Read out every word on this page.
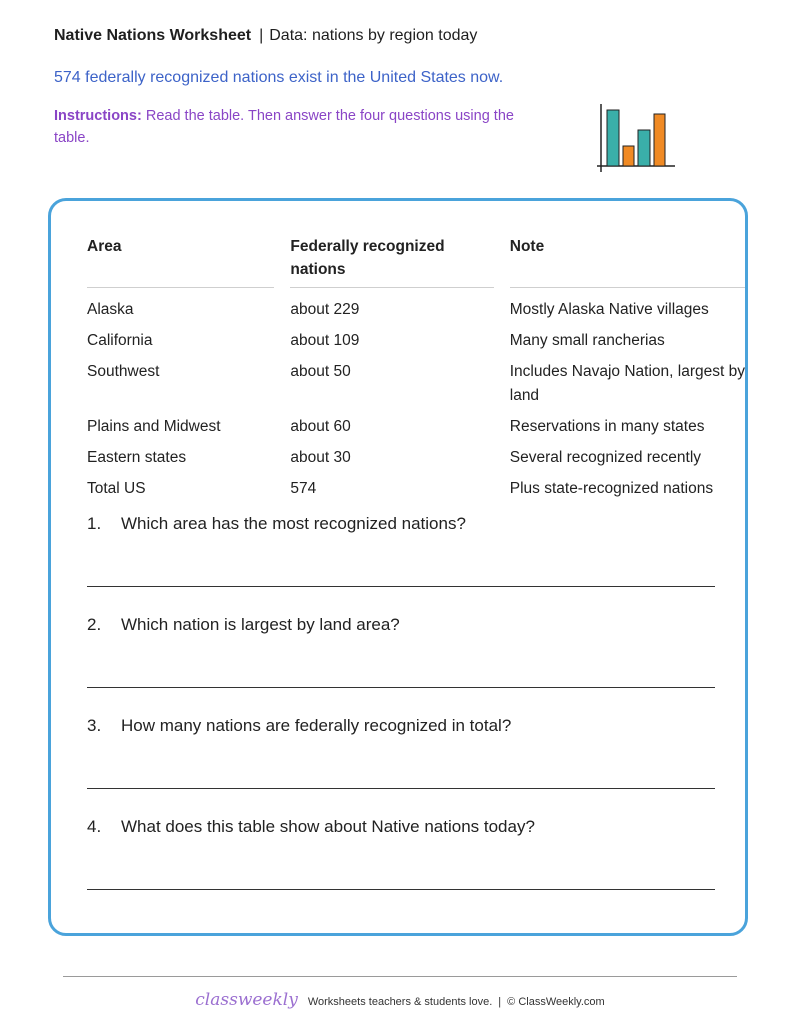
Native Nations Worksheet | Data: nations by region today
574 federally recognized nations exist in the United States now.
Instructions: Read the table. Then answer the four questions using the table.
Area	Federally recognized nations	Note

Alaska	about 229	Mostly Alaska Native villages
California	about 109	Many small rancherias
Southwest	about 50	Includes Navajo Nation, largest by land
Plains and Midwest	about 60	Reservations in many states
Eastern states	about 30	Several recognized recently
Total US	574	Plus state-recognized nations
1. Which area has the most recognized nations?
2. Which nation is largest by land area?
3. How many nations are federally recognized in total?
4. What does this table show about Native nations today?
classweekly Worksheets teachers & students love. | © ClassWeekly.com
